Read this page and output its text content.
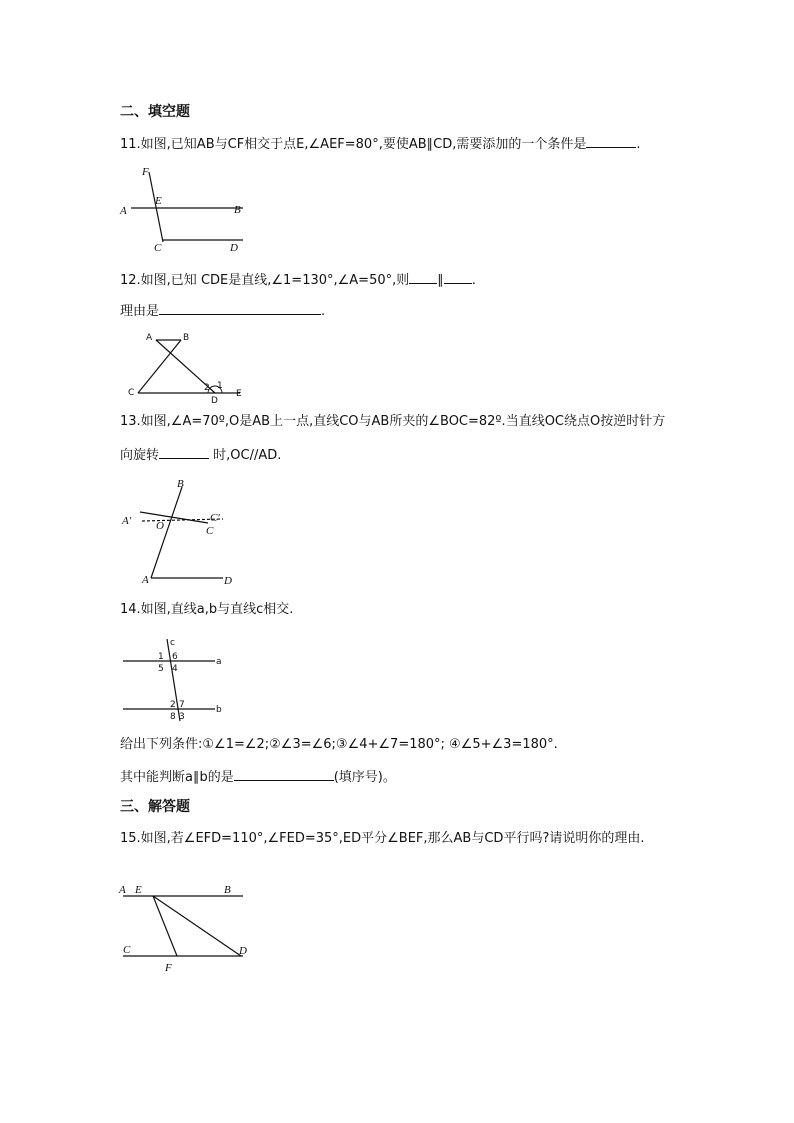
二、填空题
11.如图,已知AB与CF相交于点E,∠AEF=80°,要使AB∥CD,需要添加的一个条件是	.
F
E
A	B
C	D
12.如图,已知 CDE是直线,∠1=130°,∠A=50°,则 ∥ .
理由是	.
A	B
C
D
E
2 1
13.如图,∠A=70º,O是AB上一点,直线CO与AB所夹的∠BOC=82º.当直线OC绕点O按逆时针方
向旋转	时,OC//AD.
B
A′	C′
O	C
A	D
14.如图,直线a,b与直线c相交.
c
a
b
1 6
5 4
2 7
8 3
给出下列条件:①∠1=∠2;②∠3=∠6;③∠4+∠7=180°; ④∠5+∠3=180°.
其中能判断a∥b的是	(填序号)。
三、解答题
15.如图,若∠EFD=110°,∠FED=35°,ED平分∠BEF,那么AB与CD平行吗?请说明你的理由.
A E	B
C
F
D
